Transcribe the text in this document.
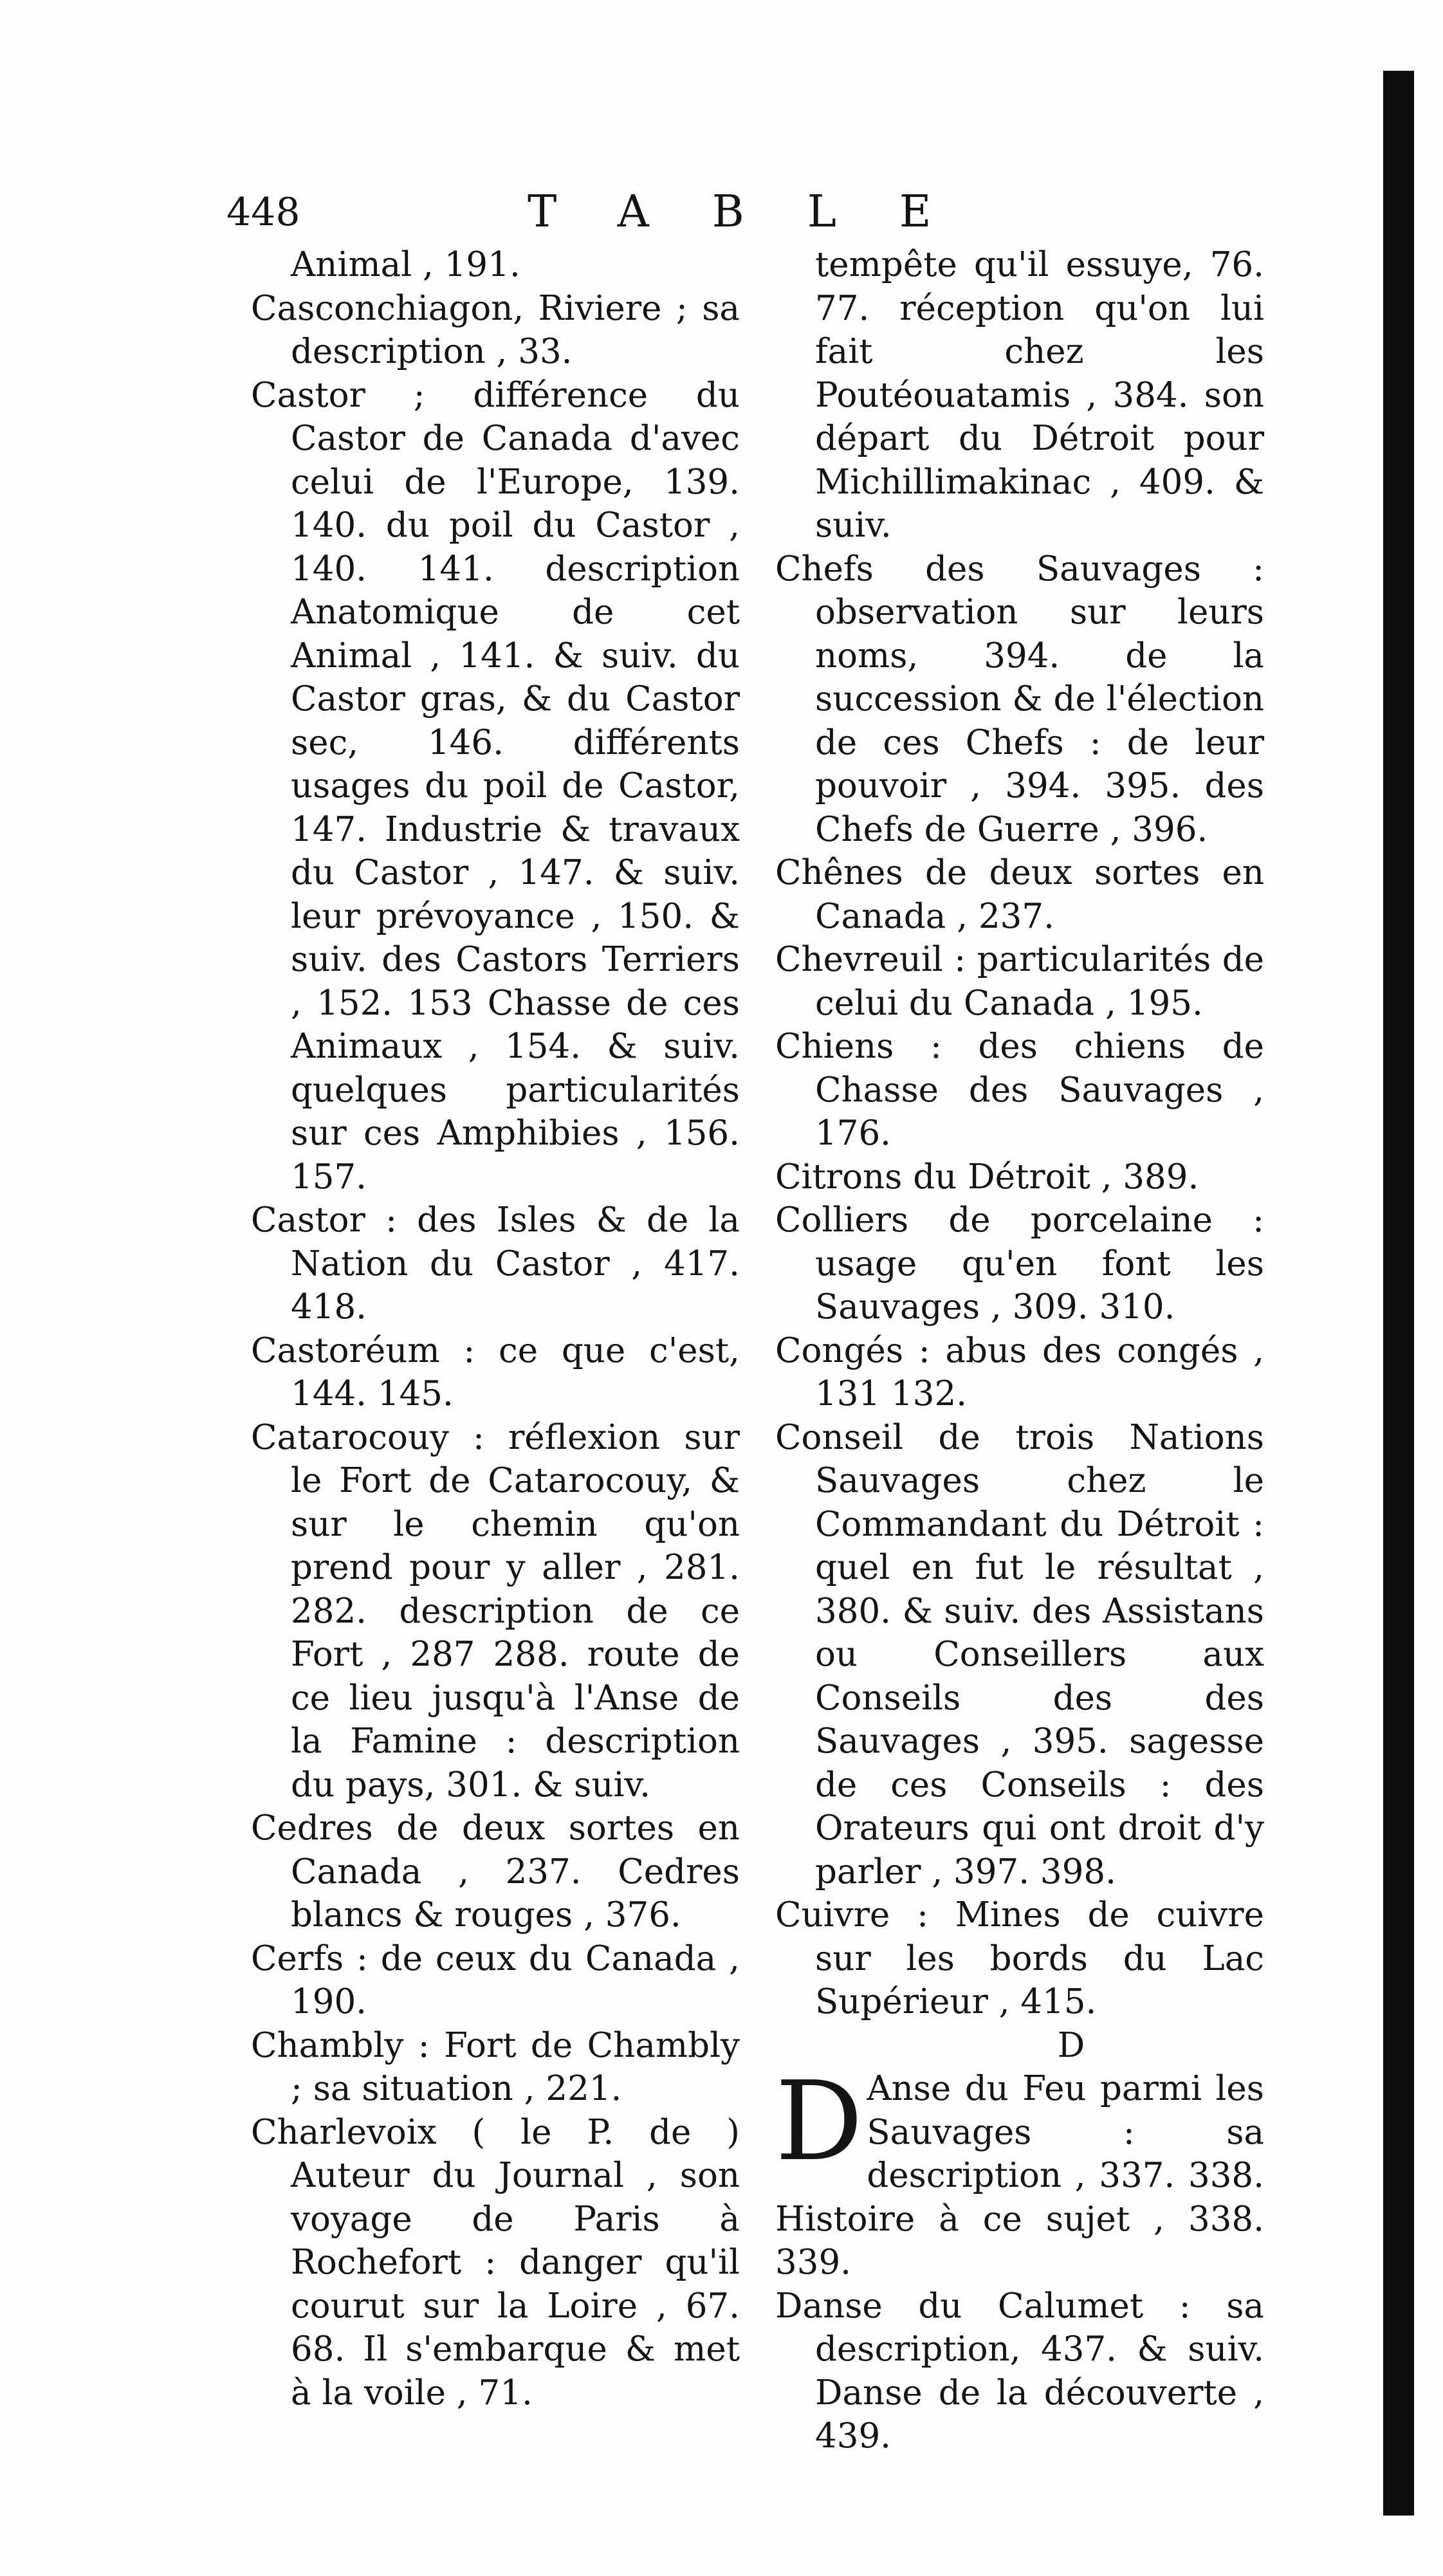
448	TABLE
Animal , 191.
Casconchiagon, Riviere ; sa description , 33.
Castor ; différence du Castor de Canada d'avec celui de l'Europe, 139. 140. du poil du Castor , 140. 141. description Anatomique de cet Animal , 141. & suiv. du Castor gras, & du Castor sec, 146. différents usages du poil de Castor, 147. Industrie & travaux du Castor , 147. & suiv. leur prévoyance , 150. & suiv. des Castors Terriers , 152. 153 Chasse de ces Animaux , 154. & suiv. quelques particularités sur ces Amphibies , 156. 157.
Castor : des Isles & de la Nation du Castor , 417. 418.
Castoréum : ce que c'est, 144. 145.
Catarocouy : réflexion sur le Fort de Catarocouy, & sur le chemin qu'on prend pour y aller , 281. 282. description de ce Fort , 287 288. route de ce lieu jusqu'à l'Anse de la Famine : description du pays, 301. & suiv.
Cedres de deux sortes en Canada , 237. Cedres blancs & rouges , 376.
Cerfs : de ceux du Canada , 190.
Chambly : Fort de Chambly ; sa situation , 221.
Charlevoix ( le P. de ) Auteur du Journal , son voyage de Paris à Rochefort : danger qu'il courut sur la Loire , 67. 68. Il s'embarque & met à la voile , 71.
tempête qu'il essuye, 76. 77. réception qu'on lui fait chez les Poutéouatamis , 384. son départ du Détroit pour Michillimakinac , 409. & suiv.
Chefs des Sauvages : observation sur leurs noms, 394. de la succession & de l'élection de ces Chefs : de leur pouvoir , 394. 395. des Chefs de Guerre , 396.
Chênes de deux sortes en Canada , 237.
Chevreuil : particularités de celui du Canada , 195.
Chiens : des chiens de Chasse des Sauvages , 176.
Citrons du Détroit , 389.
Colliers de porcelaine : usage qu'en font les Sauvages , 309. 310.
Congés : abus des congés , 131 132.
Conseil de trois Nations Sauvages chez le Commandant du Détroit : quel en fut le résultat , 380. & suiv. des Assistans ou Conseillers aux Conseils des des Sauvages , 395. sagesse de ces Conseils : des Orateurs qui ont droit d'y parler , 397. 398.
Cuivre : Mines de cuivre sur les bords du Lac Supérieur , 415.
D
D Anse du Feu parmi les Sauvages : sa description , 337. 338. Histoire à ce sujet , 338. 339.
Danse du Calumet : sa description, 437. & suiv. Danse de la découverte , 439.
